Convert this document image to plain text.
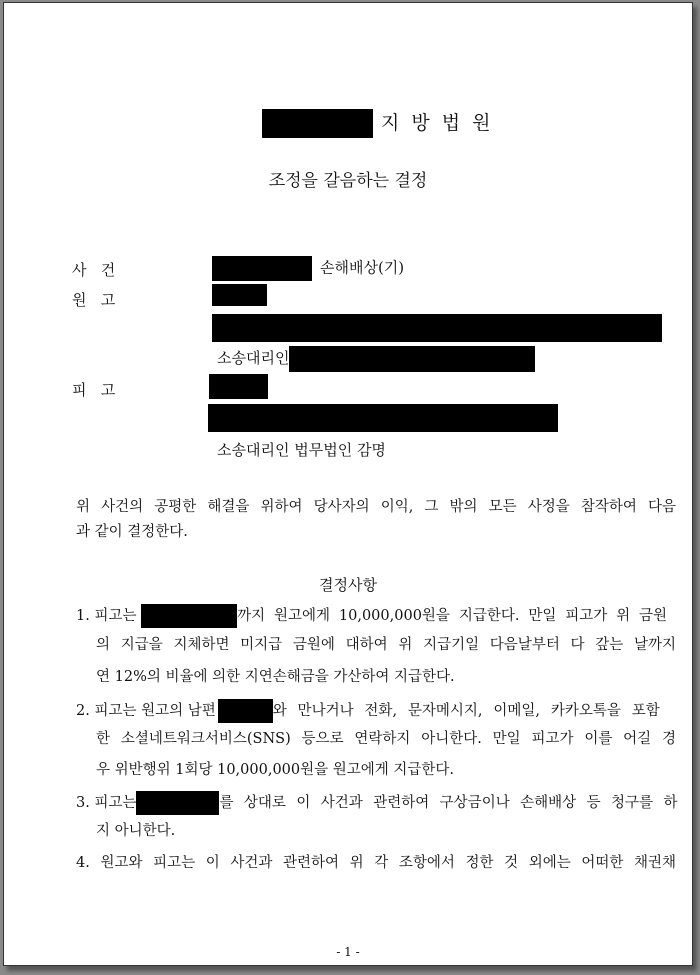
지 방 법 원
조정을 갈음하는 결정
사   건	손해배상(기)
원   고
소송대리인
피   고
소송대리인 법무법인 감명
위 사건의 공평한 해결을 위하여 당사자의 이익, 그 밖의 모든 사정을 참작하여 다음
과 같이 결정한다.
결정사항
1. 피고는	까지 원고에게 10,000,000원을 지급한다. 만일 피고가 위 금원
의 지급을 지체하면 미지급 금원에 대하여 위 지급기일 다음날부터 다 갚는 날까지
연 12%의 비율에 의한 지연손해금을 가산하여 지급한다.
2. 피고는 원고의 남편	와 만나거나 전화, 문자메시지, 이메일, 카카오톡을 포함
한 소셜네트워크서비스(SNS) 등으로 연락하지 아니한다. 만일 피고가 이를 어길 경
우 위반행위 1회당 10,000,000원을 원고에게 지급한다.
3. 피고는	를 상대로 이 사건과 관련하여 구상금이나 손해배상 등 청구를 하
지 아니한다.
4. 원고와 피고는 이 사건과 관련하여 위 각 조항에서 정한 것 외에는 어떠한 채권채
- 1 -
